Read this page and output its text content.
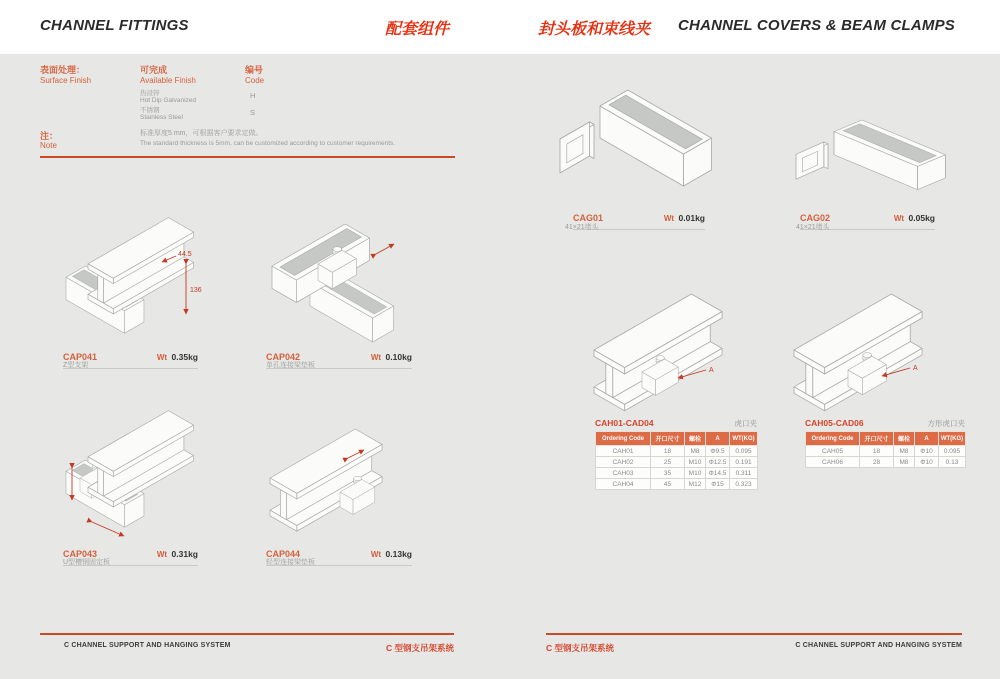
CHANNEL FITTINGS	配套组件	封头板和束线夹 CHANNEL COVERS & BEAM CLAMPS
表面处理：
Surface Finish
可完成
Available Finish
编号
Code
热浸锌
Hot Dip Galvanized
H
不锈钢
Stainless Steel
S
注：
Note
标准厚度5 mm，可根据客户要求定做。
The standard thickness is 5mm, can be customized according to customer requirements.
44.5
136
CAP041	Wt 0.35kg
Z型支架
CAP042	Wt 0.10kg
单孔连接梁垫板
CAP043	Wt 0.31kg
U型槽钢固定板
CAP044	Wt 0.13kg
轻型连接梁垫板
C CHANNEL SUPPORT AND HANGING SYSTEM	C 型钢支吊架系统
CAG01	Wt 0.01kg
41×21堵头
CAG02	Wt 0.05kg
41×21堵头
A	A
CAH01-CAD04	虎口夹
Ordering Code	开口尺寸	螺栓	A	WT(KG)
CAH01	18	M8	Φ9.5	0.095
CAH02	25	M10	Φ12.5	0.191
CAH03	35	M10	Φ14.5	0.311
CAH04	45	M12	Φ15	0.323
CAH05-CAD06	方形虎口夹
Ordering Code	开口尺寸	螺栓	A	WT(KG)
CAH05	18	M8	Φ10	0.095
CAH06	28	M8	Φ10	0.13
C 型钢支吊架系统	C CHANNEL SUPPORT AND HANGING SYSTEM
